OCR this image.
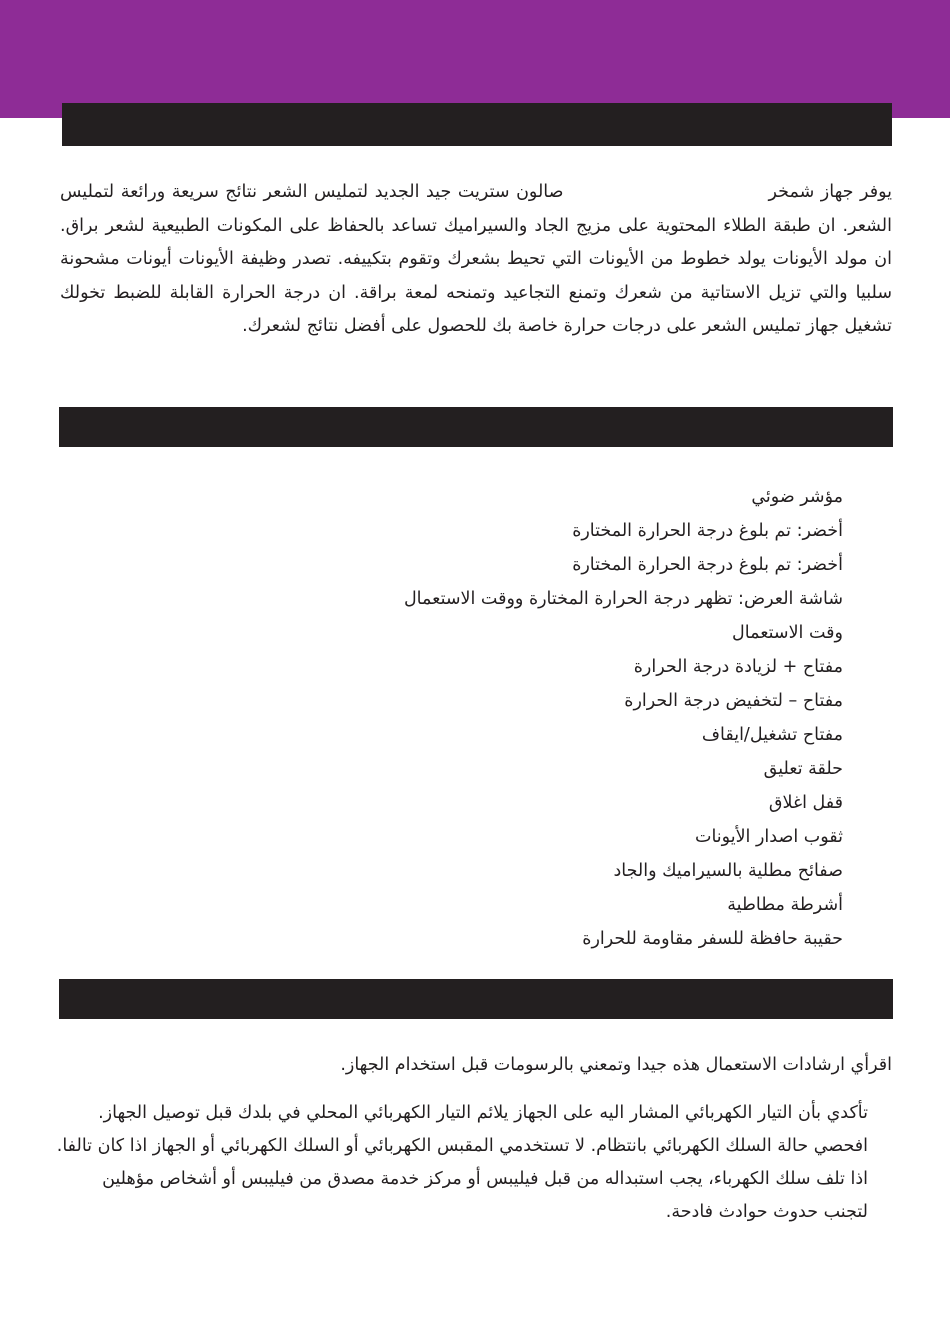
يوفر جهاز شمخرصالون ستريت جيد الجديد لتمليس الشعر نتائج سريعة ورائعة لتمليس الشعر. ان طبقة الطلاء المحتوية على مزيج الجاد والسيراميك تساعد بالحفاظ على المكونات الطبيعية لشعر براق. ان مولد الأيونات يولد خطوط من الأيونات التي تحيط بشعرك وتقوم بتكييفه. تصدر وظيفة الأيونات أيونات مشحونة سلبيا والتي تزيل الاستاتية من شعرك وتمنع التجاعيد وتمنحه لمعة براقة. ان درجة الحرارة القابلة للضبط تخولك تشغيل جهاز تمليس الشعر على درجات حرارة خاصة بك للحصول على أفضل نتائج لشعرك.

مؤشر ضوئي
أخضر: تم بلوغ درجة الحرارة المختارة
أخضر: تم بلوغ درجة الحرارة المختارة
شاشة العرض: تظهر درجة الحرارة المختارة ووقت الاستعمال
وقت الاستعمال
مفتاح + لزيادة درجة الحرارة
مفتاح – لتخفيض درجة الحرارة
مفتاح تشغيل/ايقاف
حلقة تعليق
قفل اغلاق
ثقوب اصدار الأيونات
صفائح مطلية بالسيراميك والجاد
أشرطة مطاطية
حقيبة حافظة للسفر مقاومة للحرارة

اقرأي ارشادات الاستعمال هذه جيدا وتمعني بالرسومات قبل استخدام الجهاز.

تأكدي بأن التيار الكهربائي المشار اليه على الجهاز يلائم التيار الكهربائي المحلي في بلدك قبل توصيل الجهاز.
افحصي حالة السلك الكهربائي بانتظام. لا تستخدمي المقبس الكهربائي أو السلك الكهربائي أو الجهاز اذا كان تالفا.
اذا تلف سلك الكهرباء، يجب استبداله من قبل فيليبس أو مركز خدمة مصدق من فيليبس أو أشخاص مؤهلين لتجنب حدوث حوادث فادحة.
